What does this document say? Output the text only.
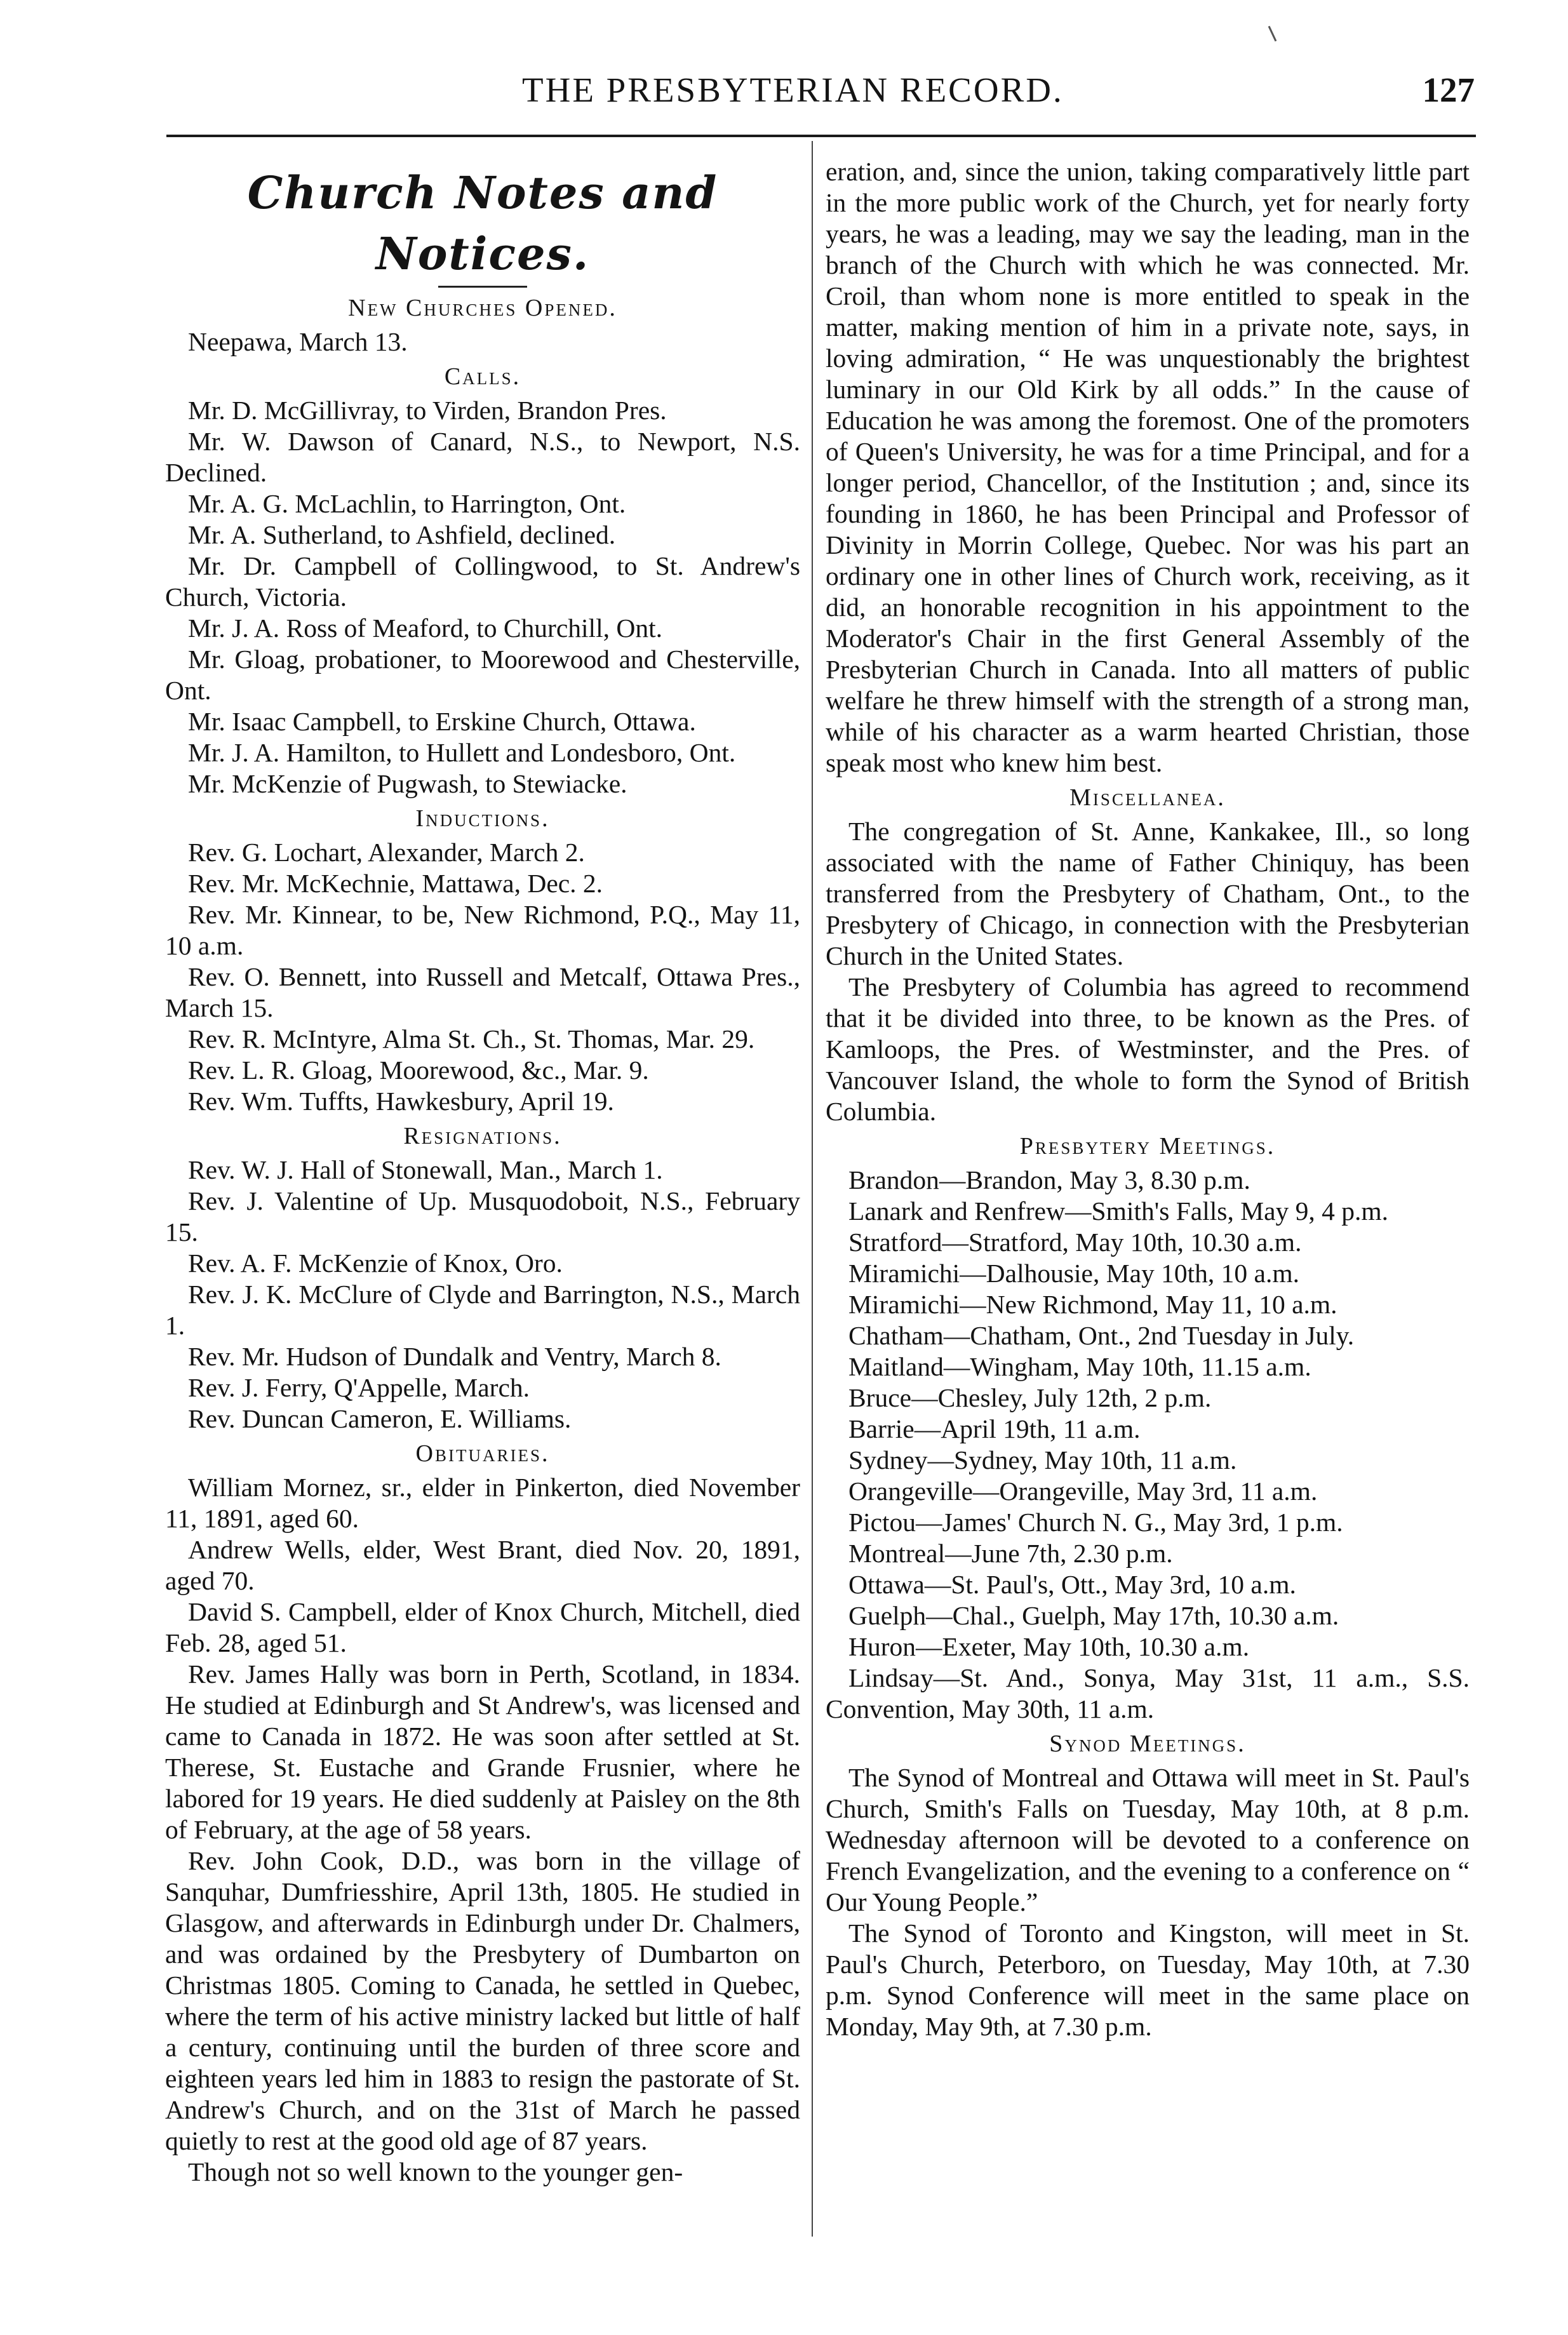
THE PRESBYTERIAN RECORD.	127
Church Notes and Notices.
New Churches Opened.

Neepawa, March 13.

Calls.

Mr. D. McGillivray, to Virden, Brandon Pres.

Mr. W. Dawson of Canard, N.S., to Newport, N.S. Declined.

Mr. A. G. McLachlin, to Harrington, Ont.

Mr. A. Sutherland, to Ashfield, declined.

Mr. Dr. Campbell of Collingwood, to St. Andrew's Church, Victoria.

Mr. J. A. Ross of Meaford, to Churchill, Ont.

Mr. Gloag, probationer, to Moorewood and Chesterville, Ont.

Mr. Isaac Campbell, to Erskine Church, Ottawa.

Mr. J. A. Hamilton, to Hullett and Londesboro, Ont.

Mr. McKenzie of Pugwash, to Stewiacke.

Inductions.

Rev. G. Lochart, Alexander, March 2.

Rev. Mr. McKechnie, Mattawa, Dec. 2.

Rev. Mr. Kinnear, to be, New Richmond, P.Q., May 11, 10 a.m.

Rev. O. Bennett, into Russell and Metcalf, Ottawa Pres., March 15.

Rev. R. McIntyre, Alma St. Ch., St. Thomas, Mar. 29.

Rev. L. R. Gloag, Moorewood, &c., Mar. 9.

Rev. Wm. Tuffts, Hawkesbury, April 19.

Resignations.

Rev. W. J. Hall of Stonewall, Man., March 1.

Rev. J. Valentine of Up. Musquodoboit, N.S., February 15.

Rev. A. F. McKenzie of Knox, Oro.

Rev. J. K. McClure of Clyde and Barrington, N.S., March 1.

Rev. Mr. Hudson of Dundalk and Ventry, March 8.

Rev. J. Ferry, Q'Appelle, March.

Rev. Duncan Cameron, E. Williams.

Obituaries.

William Mornez, sr., elder in Pinkerton, died November 11, 1891, aged 60.

Andrew Wells, elder, West Brant, died Nov. 20, 1891, aged 70.

David S. Campbell, elder of Knox Church, Mitchell, died Feb. 28, aged 51.

Rev. James Hally was born in Perth, Scotland, in 1834. He studied at Edinburgh and St Andrew's, was licensed and came to Canada in 1872. He was soon after settled at St. Therese, St. Eustache and Grande Frusnier, where he labored for 19 years. He died suddenly at Paisley on the 8th of February, at the age of 58 years.

Rev. John Cook, D.D., was born in the village of Sanquhar, Dumfriesshire, April 13th, 1805. He studied in Glasgow, and afterwards in Edinburgh under Dr. Chalmers, and was ordained by the Presbytery of Dumbarton on Christmas 1805. Coming to Canada, he settled in Quebec, where the term of his active ministry lacked but little of half a century, continuing until the burden of three score and eighteen years led him in 1883 to resign the pastorate of St. Andrew's Church, and on the 31st of March he passed quietly to rest at the good old age of 87 years.

Though not so well known to the younger gen-

eration, and, since the union, taking comparatively little part in the more public work of the Church, yet for nearly forty years, he was a leading, may we say the leading, man in the branch of the Church with which he was connected. Mr. Croil, than whom none is more entitled to speak in the matter, making mention of him in a private note, says, in loving admiration, “ He was unquestionably the brightest luminary in our Old Kirk by all odds.” In the cause of Education he was among the foremost. One of the promoters of Queen's University, he was for a time Principal, and for a longer period, Chancellor, of the Institution ; and, since its founding in 1860, he has been Principal and Professor of Divinity in Morrin College, Quebec. Nor was his part an ordinary one in other lines of Church work, receiving, as it did, an honorable recognition in his appointment to the Moderator's Chair in the first General Assembly of the Presbyterian Church in Canada. Into all matters of public welfare he threw himself with the strength of a strong man, while of his character as a warm hearted Christian, those speak most who knew him best.

Miscellanea.

The congregation of St. Anne, Kankakee, Ill., so long associated with the name of Father Chiniquy, has been transferred from the Presbytery of Chatham, Ont., to the Presbytery of Chicago, in connection with the Presbyterian Church in the United States.

The Presbytery of Columbia has agreed to recommend that it be divided into three, to be known as the Pres. of Kamloops, the Pres. of Westminster, and the Pres. of Vancouver Island, the whole to form the Synod of British Columbia.

Presbytery Meetings.

Brandon—Brandon, May 3, 8.30 p.m.

Lanark and Renfrew—Smith's Falls, May 9, 4 p.m.

Stratford—Stratford, May 10th, 10.30 a.m.

Miramichi—Dalhousie, May 10th, 10 a.m.

Miramichi—New Richmond, May 11, 10 a.m.

Chatham—Chatham, Ont., 2nd Tuesday in July.

Maitland—Wingham, May 10th, 11.15 a.m.

Bruce—Chesley, July 12th, 2 p.m.

Barrie—April 19th, 11 a.m.

Sydney—Sydney, May 10th, 11 a.m.

Orangeville—Orangeville, May 3rd, 11 a.m.

Pictou—James' Church N. G., May 3rd, 1 p.m.

Montreal—June 7th, 2.30 p.m.

Ottawa—St. Paul's, Ott., May 3rd, 10 a.m.

Guelph—Chal., Guelph, May 17th, 10.30 a.m.

Huron—Exeter, May 10th, 10.30 a.m.

Lindsay—St. And., Sonya, May 31st, 11 a.m., S.S. Convention, May 30th, 11 a.m.

Synod Meetings.

The Synod of Montreal and Ottawa will meet in St. Paul's Church, Smith's Falls on Tuesday, May 10th, at 8 p.m. Wednesday afternoon will be devoted to a conference on French Evangelization, and the evening to a conference on “ Our Young People.”

The Synod of Toronto and Kingston, will meet in St. Paul's Church, Peterboro, on Tuesday, May 10th, at 7.30 p.m. Synod Conference will meet in the same place on Monday, May 9th, at 7.30 p.m.
